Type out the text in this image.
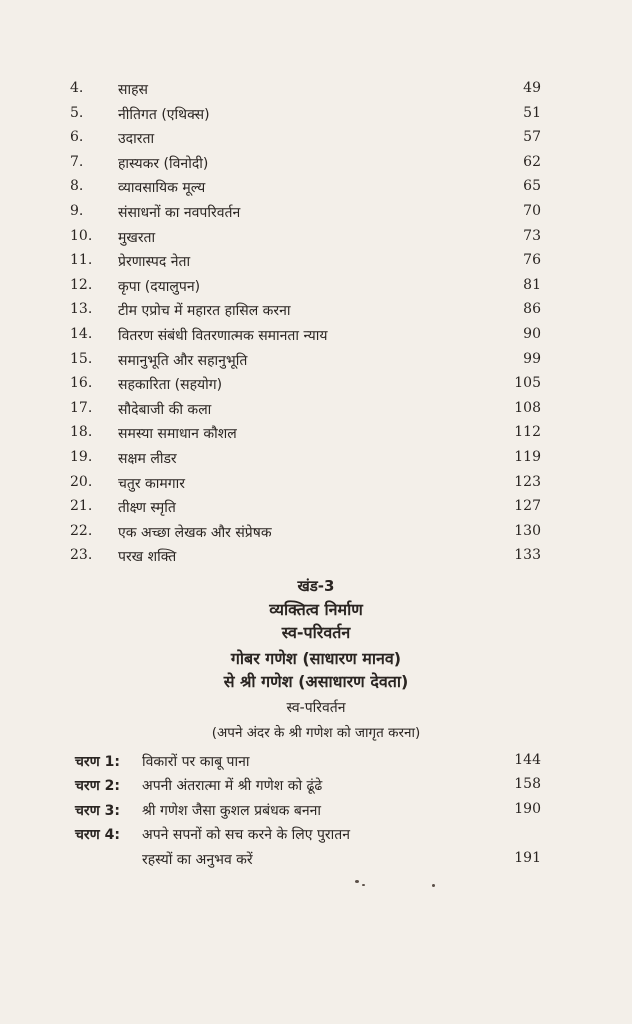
4. साहस	49
5. नीतिगत (एथिक्स)	51
6. उदारता	57
7. हास्यकर (विनोदी)	62
8. व्यावसायिक मूल्य	65
9. संसाधनों का नवपरिवर्तन	70
10. मुखरता	73
11. प्रेरणास्पद नेता	76
12. कृपा (दयालुपन)	81
13. टीम एप्रोच में महारत हासिल करना	86
14. वितरण संबंधी वितरणात्मक समानता न्याय	90
15. समानुभूति और सहानुभूति	99
16. सहकारिता (सहयोग)	105
17. सौदेबाजी की कला	108
18. समस्या समाधान कौशल	112
19. सक्षम लीडर	119
20. चतुर कामगार	123
21. तीक्ष्ण स्मृति	127
22. एक अच्छा लेखक और संप्रेषक	130
23. परख शक्ति	133
खंड-3
व्यक्तित्व निर्माण
स्व-परिवर्तन
गोबर गणेश (साधारण मानव)
से श्री गणेश (असाधारण देवता)
स्व-परिवर्तन
(अपने अंदर के श्री गणेश को जागृत करना)
चरण 1: विकारों पर काबू पाना	144
चरण 2: अपनी अंतरात्मा में श्री गणेश को ढूंढे	158
चरण 3: श्री गणेश जैसा कुशल प्रबंधक बनना	190
चरण 4: अपने सपनों को सच करने के लिए पुरातन
रहस्यों का अनुभव करें	191
